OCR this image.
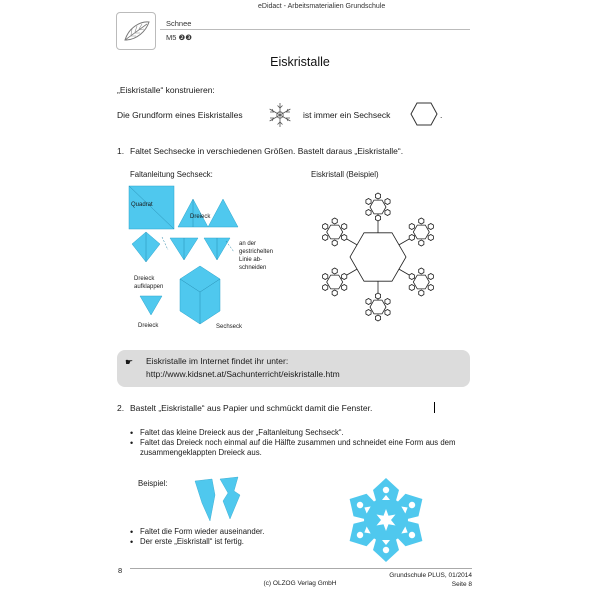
eDidact - Arbeitsmaterialien Grundschule
Schnee
M5 ❷❸
Eiskristalle
„Eiskristalle“ konstruieren:
Die Grundform eines Eiskristalles	ist immer ein Sechseck	.
1. Faltet Sechsecke in verschiedenen Größen. Bastelt daraus „Eiskristalle“.
Faltanleitung Sechseck:	Eiskristall (Beispiel)
Quadrat
Dreieck
an der
gestrichelten
Linie ab-
schneiden
Dreieck
aufklappen
Dreieck	Sechseck
☛ Eiskristalle im Internet findet ihr unter:
http://www.kidsnet.at/Sachunterricht/eiskristalle.htm
2. Bastelt „Eiskristalle“ aus Papier und schmückt damit die Fenster.
• Faltet das kleine Dreieck aus der „Faltanleitung Sechseck“.
• Faltet das Dreieck noch einmal auf die Hälfte zusammen und schneidet eine Form aus dem zusammengeklappten Dreieck aus.
Beispiel:
• Faltet die Form wieder auseinander.
• Der erste „Eiskristall“ ist fertig.
8
Grundschule PLUS, 01/2014
(c) OLZOG Verlag GmbH	Seite 8
